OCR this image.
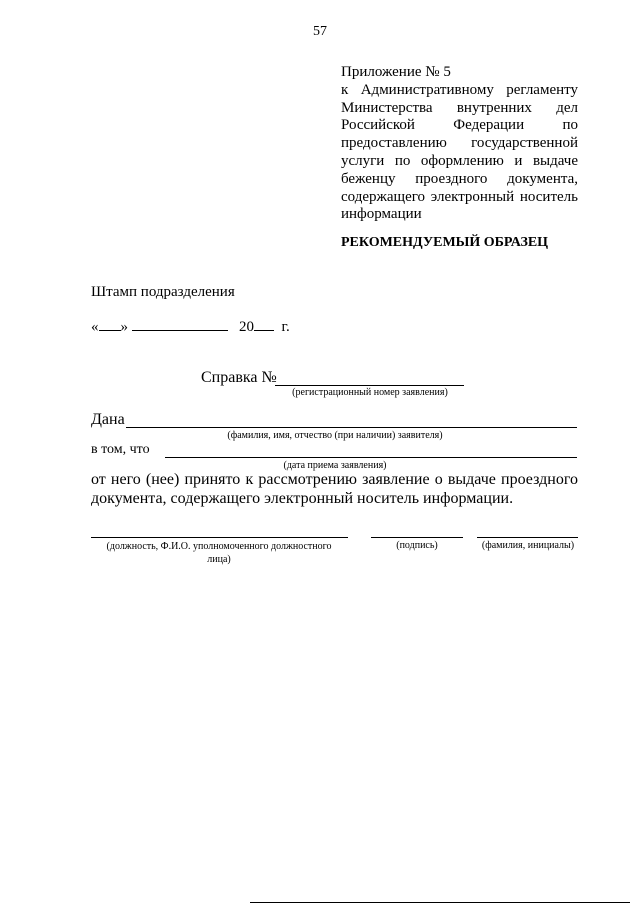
57
Приложение № 5
к Административному регламенту
Министерства внутренних дел
Российской Федерации по
предоставлению государственной
услуги по оформлению и выдаче
беженцу проездного документа,
содержащего электронный носитель
информации
РЕКОМЕНДУЕМЫЙ ОБРАЗЕЦ
Штамп подразделения
« »	20 г.
Справка №
(регистрационный номер заявления)
Дана
(фамилия, имя, отчество (при наличии) заявителя)
в том, что
(дата приема заявления)
от него (нее) принято к рассмотрению заявление о выдаче проездного
документа, содержащего электронный носитель информации.
(должность, Ф.И.О. уполномоченного должностного
лица)
(подпись)	(фамилия, инициалы)
